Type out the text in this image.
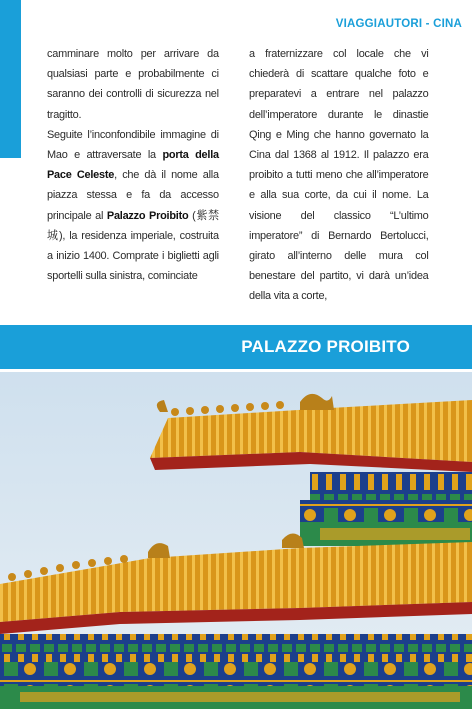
VIAGGIAUTORI - CINA

camminare molto per arrivare da qualsiasi parte e probabilmente ci saranno dei controlli di sicurezza nel tragitto.

Seguite l’inconfondibile immagine di Mao e attraversate la porta della Pace Celeste, che dà il nome alla piazza stessa e fa da accesso principale al Palazzo Proibito (紫禁城), la residenza imperiale, costruita a inizio 1400. Comprate i biglietti agli sportelli sulla sinistra, cominciate

a fraternizzare col locale che vi chiederà di scattare qualche foto e preparatevi a entrare nel palazzo dell’imperatore durante le dinastie Qing e Ming che hanno governato la Cina dal 1368 al 1912. Il palazzo era proibito a tutti meno che all’imperatore e alla sua corte, da cui il nome. La visione del classico “L’ultimo imperatore” di Bernardo Bertolucci, girato all’interno delle mura col benestare del partito, vi darà un’idea della vita a corte,

PALAZZO PROIBITO
